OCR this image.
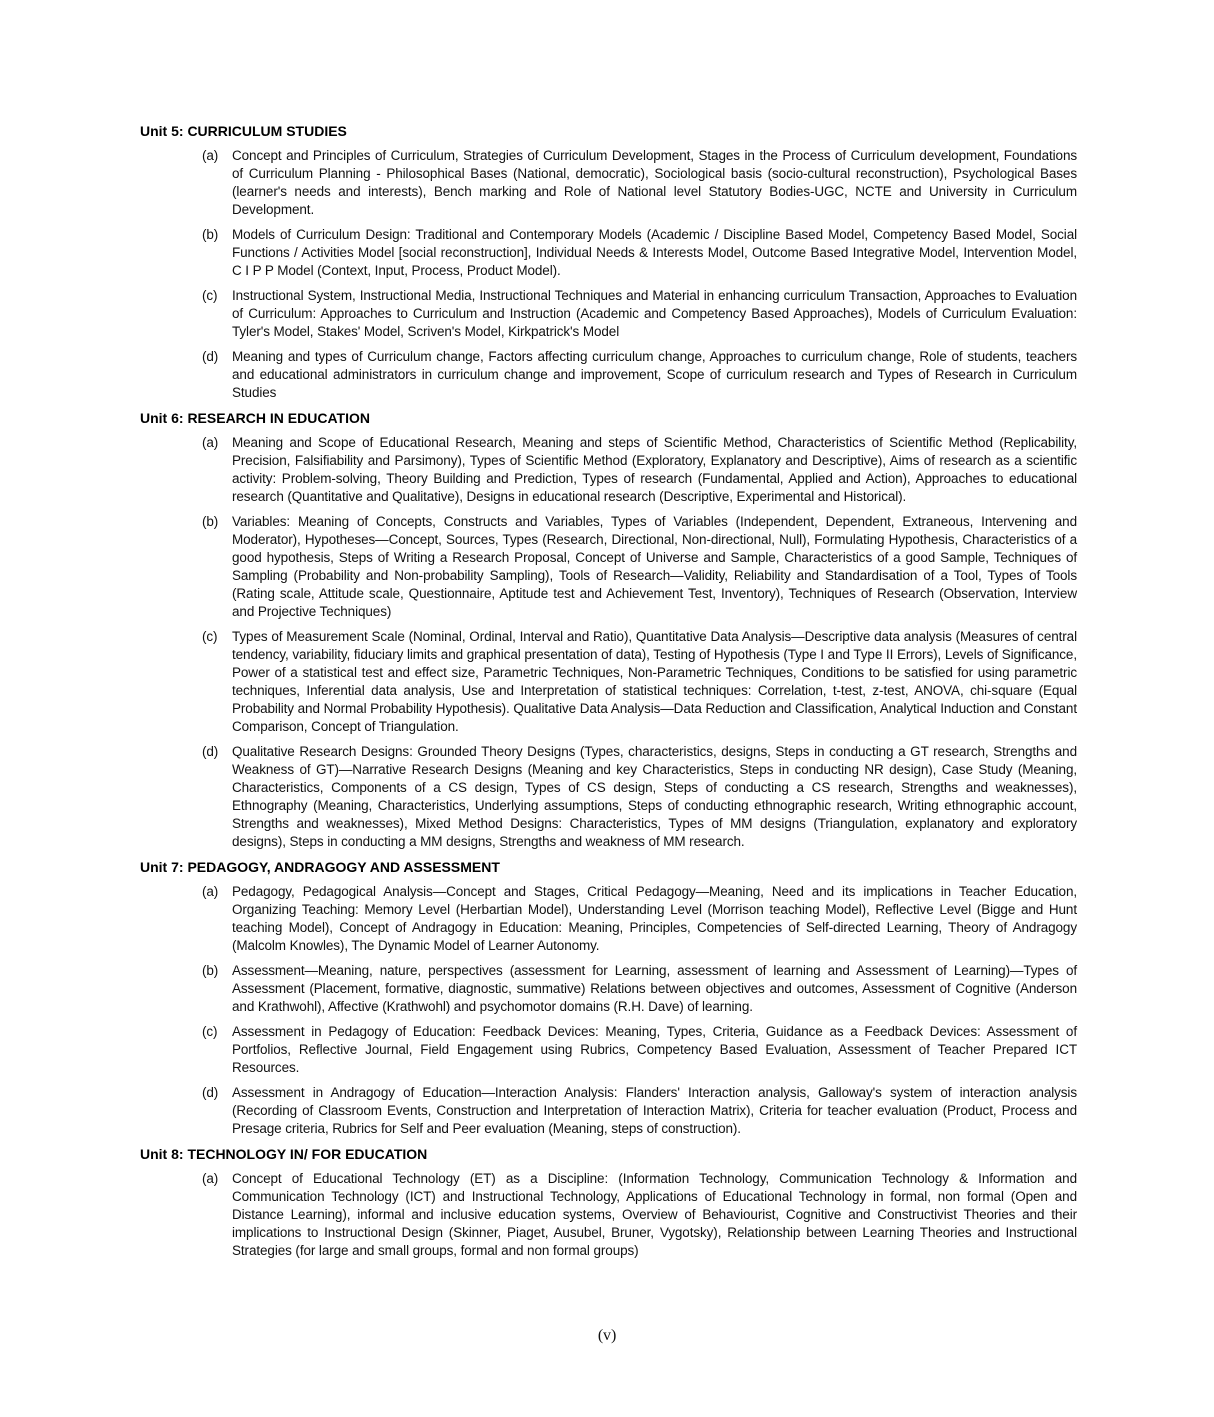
Unit 5: CURRICULUM STUDIES
(a)	Concept and Principles of Curriculum, Strategies of Curriculum Development, Stages in the Process of Curriculum development, Foundations of Curriculum Planning - Philosophical Bases (National, democratic), Sociological basis (socio-cultural reconstruction), Psychological Bases (learner's needs and interests), Bench marking and Role of National level Statutory Bodies-UGC, NCTE and University in Curriculum Development.

(b)	Models of Curriculum Design: Traditional and Contemporary Models (Academic / Discipline Based Model, Competency Based Model, Social Functions / Activities Model [social reconstruction], Individual Needs & Interests Model, Outcome Based Integrative Model, Intervention Model, C I P P Model (Context, Input, Process, Product Model).

(c)	Instructional System, Instructional Media, Instructional Techniques and Material in enhancing curriculum Transaction, Approaches to Evaluation of Curriculum: Approaches to Curriculum and Instruction (Academic and Competency Based Approaches), Models of Curriculum Evaluation: Tyler's Model, Stakes' Model, Scriven's Model, Kirkpatrick's Model

(d)	Meaning and types of Curriculum change, Factors affecting curriculum change, Approaches to curriculum change, Role of students, teachers and educational administrators in curriculum change and improvement, Scope of curriculum research and Types of Research in Curriculum Studies

Unit 6: RESEARCH IN EDUCATION
(a)	Meaning and Scope of Educational Research, Meaning and steps of Scientific Method, Characteristics of Scientific Method (Replicability, Precision, Falsifiability and Parsimony), Types of Scientific Method (Exploratory, Explanatory and Descriptive), Aims of research as a scientific activity: Problem-solving, Theory Building and Prediction, Types of research (Fundamental, Applied and Action), Approaches to educational research (Quantitative and Qualitative), Designs in educational research (Descriptive, Experimental and Historical).

(b)	Variables: Meaning of Concepts, Constructs and Variables, Types of Variables (Independent, Dependent, Extraneous, Intervening and Moderator), Hypotheses—Concept, Sources, Types (Research, Directional, Non-directional, Null), Formulating Hypothesis, Characteristics of a good hypothesis, Steps of Writing a Research Proposal, Concept of Universe and Sample, Characteristics of a good Sample, Techniques of Sampling (Probability and Non-probability Sampling), Tools of Research—Validity, Reliability and Standardisation of a Tool, Types of Tools (Rating scale, Attitude scale, Questionnaire, Aptitude test and Achievement Test, Inventory), Techniques of Research (Observation, Interview and Projective Techniques)

(c)	Types of Measurement Scale (Nominal, Ordinal, Interval and Ratio), Quantitative Data Analysis—Descriptive data analysis (Measures of central tendency, variability, fiduciary limits and graphical presentation of data), Testing of Hypothesis (Type I and Type II Errors), Levels of Significance, Power of a statistical test and effect size, Parametric Techniques, Non-Parametric Techniques, Conditions to be satisfied for using parametric techniques, Inferential data analysis, Use and Interpretation of statistical techniques: Correlation, t-test, z-test, ANOVA, chi-square (Equal Probability and Normal Probability Hypothesis). Qualitative Data Analysis—Data Reduction and Classification, Analytical Induction and Constant Comparison, Concept of Triangulation.

(d)	Qualitative Research Designs: Grounded Theory Designs (Types, characteristics, designs, Steps in conducting a GT research, Strengths and Weakness of GT)—Narrative Research Designs (Meaning and key Characteristics, Steps in conducting NR design), Case Study (Meaning, Characteristics, Components of a CS design, Types of CS design, Steps of conducting a CS research, Strengths and weaknesses), Ethnography (Meaning, Characteristics, Underlying assumptions, Steps of conducting ethnographic research, Writing ethnographic account, Strengths and weaknesses), Mixed Method Designs: Characteristics, Types of MM designs (Triangulation, explanatory and exploratory designs), Steps in conducting a MM designs, Strengths and weakness of MM research.

Unit 7: PEDAGOGY, ANDRAGOGY AND ASSESSMENT
(a)	Pedagogy, Pedagogical Analysis—Concept and Stages, Critical Pedagogy—Meaning, Need and its implications in Teacher Education, Organizing Teaching: Memory Level (Herbartian Model), Understanding Level (Morrison teaching Model), Reflective Level (Bigge and Hunt teaching Model), Concept of Andragogy in Education: Meaning, Principles, Competencies of Self-directed Learning, Theory of Andragogy (Malcolm Knowles), The Dynamic Model of Learner Autonomy.

(b)	Assessment—Meaning, nature, perspectives (assessment for Learning, assessment of learning and Assessment of Learning)—Types of Assessment (Placement, formative, diagnostic, summative) Relations between objectives and outcomes, Assessment of Cognitive (Anderson and Krathwohl), Affective (Krathwohl) and psychomotor domains (R.H. Dave) of learning.

(c)	Assessment in Pedagogy of Education: Feedback Devices: Meaning, Types, Criteria, Guidance as a Feedback Devices: Assessment of Portfolios, Reflective Journal, Field Engagement using Rubrics, Competency Based Evaluation, Assessment of Teacher Prepared ICT Resources.

(d)	Assessment in Andragogy of Education—Interaction Analysis: Flanders' Interaction analysis, Galloway's system of interaction analysis (Recording of Classroom Events, Construction and Interpretation of Interaction Matrix), Criteria for teacher evaluation (Product, Process and Presage criteria, Rubrics for Self and Peer evaluation (Meaning, steps of construction).

Unit 8: TECHNOLOGY IN/ FOR EDUCATION
(a)	Concept of Educational Technology (ET) as a Discipline: (Information Technology, Communication Technology & Information and Communication Technology (ICT) and Instructional Technology, Applications of Educational Technology in formal, non formal (Open and Distance Learning), informal and inclusive education systems, Overview of Behaviourist, Cognitive and Constructivist Theories and their implications to Instructional Design (Skinner, Piaget, Ausubel, Bruner, Vygotsky), Relationship between Learning Theories and Instructional Strategies (for large and small groups, formal and non formal groups)

(v)
